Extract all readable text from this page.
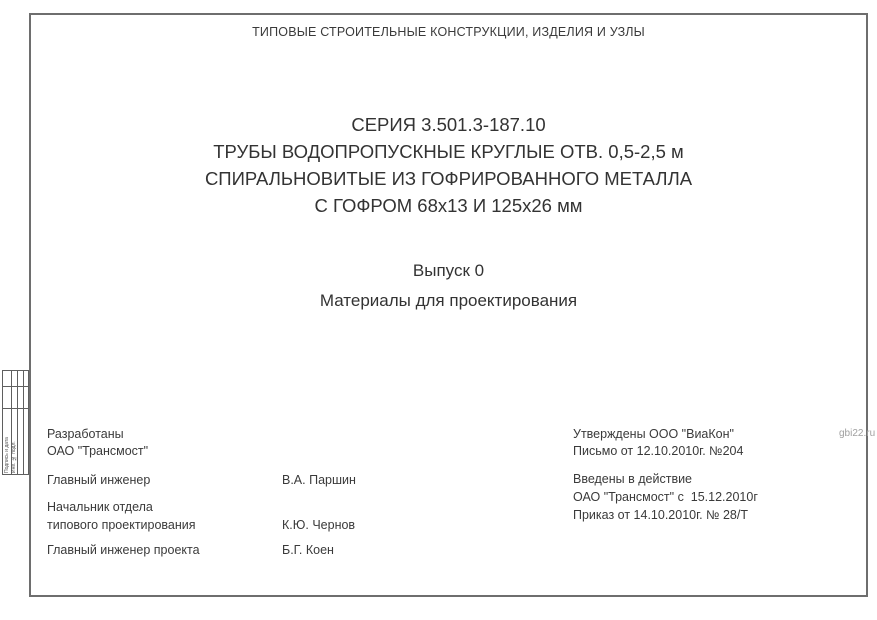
ТИПОВЫЕ СТРОИТЕЛЬНЫЕ КОНСТРУКЦИИ, ИЗДЕЛИЯ И УЗЛЫ
СЕРИЯ 3.501.3-187.10
ТРУБЫ ВОДОПРОПУСКНЫЕ КРУГЛЫЕ ОТВ. 0,5-2,5 м
СПИРАЛЬНОВИТЫЕ ИЗ ГОФРИРОВАННОГО МЕТАЛЛА
С ГОФРОМ 68х13 И 125х26 мм
Выпуск 0
Материалы для проектирования
Разработаны
ОАО "Трансмост"
Главный инженер	В.А. Паршин
Начальник отдела
типового проектирования	К.Ю. Чернов
Главный инженер проекта	Б.Г. Коен
Утверждены ООО "ВиаКон"
Письмо от 12.10.2010г. №204
Введены в действие
ОАО "Трансмост" с  15.12.2010г
Приказ от 14.10.2010г. № 28/Т
gbi22.ru
Подпись и дата Инв. № подл.
